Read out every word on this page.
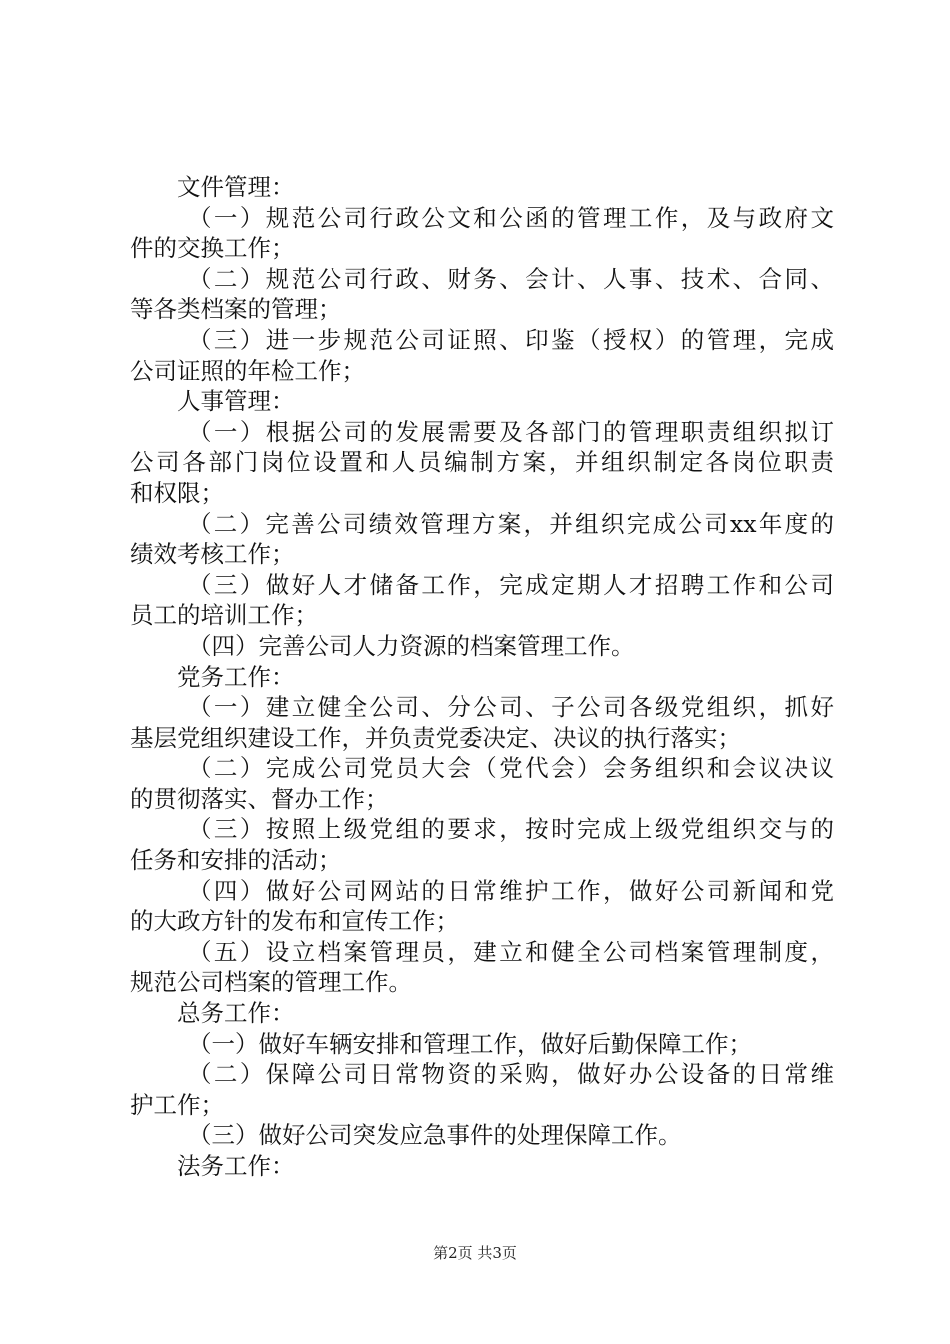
文件管理：
（一）规范公司行政公文和公函的管理工作，及与政府文
件的交换工作；
（二）规范公司行政、财务、会计、人事、技术、合同、
等各类档案的管理；
（三）进一步规范公司证照、印鉴（授权）的管理，完成
公司证照的年检工作；
人事管理：
（一）根据公司的发展需要及各部门的管理职责组织拟订
公司各部门岗位设置和人员编制方案，并组织制定各岗位职责
和权限；
（二）完善公司绩效管理方案，并组织完成公司xx年度的
绩效考核工作；
（三）做好人才储备工作，完成定期人才招聘工作和公司
员工的培训工作；
（四）完善公司人力资源的档案管理工作。
党务工作：
（一）建立健全公司、分公司、子公司各级党组织，抓好
基层党组织建设工作，并负责党委决定、决议的执行落实；
（二）完成公司党员大会（党代会）会务组织和会议决议
的贯彻落实、督办工作；
（三）按照上级党组的要求，按时完成上级党组织交与的
任务和安排的活动；
（四）做好公司网站的日常维护工作，做好公司新闻和党
的大政方针的发布和宣传工作；
（五）设立档案管理员，建立和健全公司档案管理制度，
规范公司档案的管理工作。
总务工作：
（一）做好车辆安排和管理工作，做好后勤保障工作；
（二）保障公司日常物资的采购，做好办公设备的日常维
护工作；
（三）做好公司突发应急事件的处理保障工作。
法务工作：
第2页 共3页
